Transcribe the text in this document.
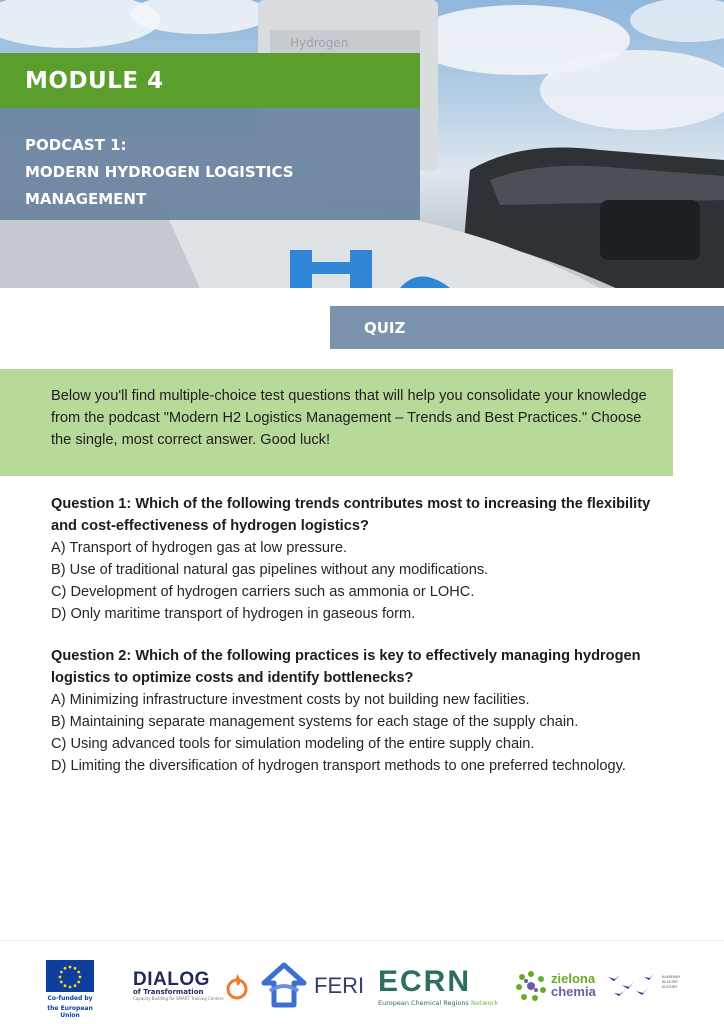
Hydrogen
MODULE 4
PODCAST 1:
MODERN HYDROGEN LOGISTICS
MANAGEMENT
QUIZ

Below you'll find multiple-choice test questions that will help you consolidate your knowledge from the podcast "Modern H2 Logistics Management – Trends and Best Practices." Choose the single, most correct answer. Good luck!

Question 1: Which of the following trends contributes most to increasing the flexibility and cost-effectiveness of hydrogen logistics?
A) Transport of hydrogen gas at low pressure.
B) Use of traditional natural gas pipelines without any modifications.
C) Development of hydrogen carriers such as ammonia or LOHC.
D) Only maritime transport of hydrogen in gaseous form.
Question 2: Which of the following practices is key to effectively managing hydrogen logistics to optimize costs and identify bottlenecks?
A) Minimizing infrastructure investment costs by not building new facilities.
B) Maintaining separate management systems for each stage of the supply chain.
C) Using advanced tools for simulation modeling of the entire supply chain.
D) Limiting the diversification of hydrogen transport methods to one preferred technology.
Co-funded by
the European Union
DIALOG
of Transformation
Capacity Building for SMART Training Centers
FERI ECRN
European Chemical Regions Network
zielona
chemia
KAMIENNY KLASTER KULTURY
